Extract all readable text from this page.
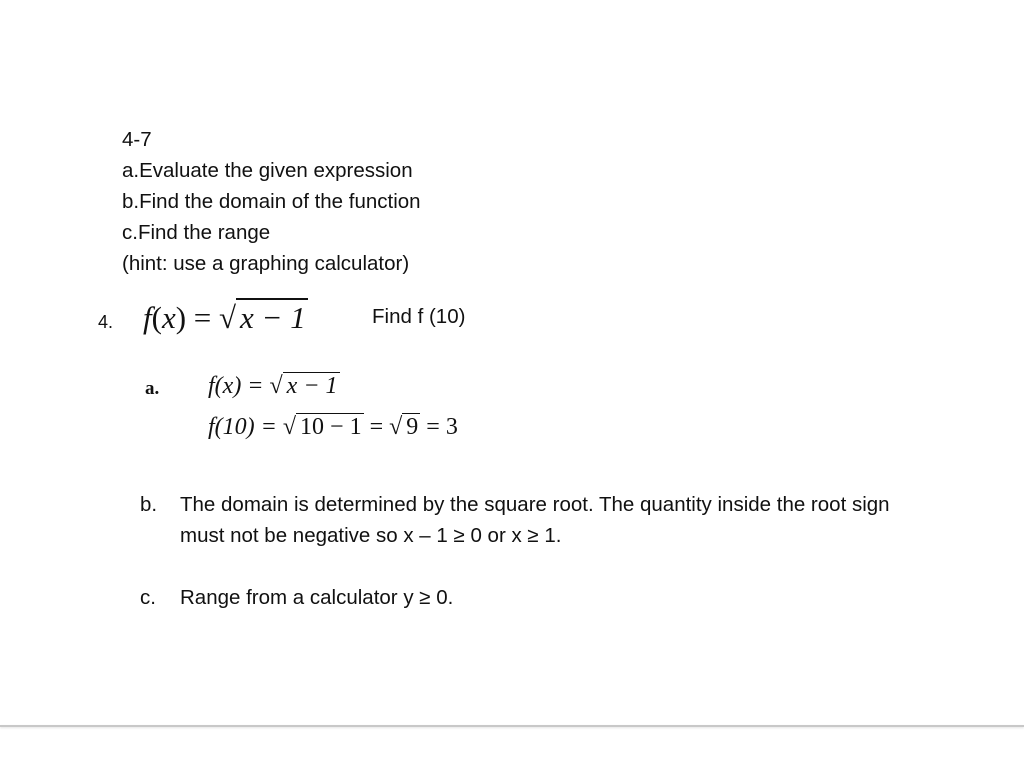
4-7
a.Evaluate the given expression
b.Find the domain of the function
c.Find the range
(hint: use a graphing calculator)
4. f(x) = √ x − 1	Find f (10)
a. f(x) = √ x − 1
f(10) = √ 10 − 1 = √ 9 = 3
b.	The domain is determined by the square root. The quantity inside the root sign must not be negative so x – 1 ≥ 0 or x ≥ 1.
c.	Range from a calculator y ≥ 0.
